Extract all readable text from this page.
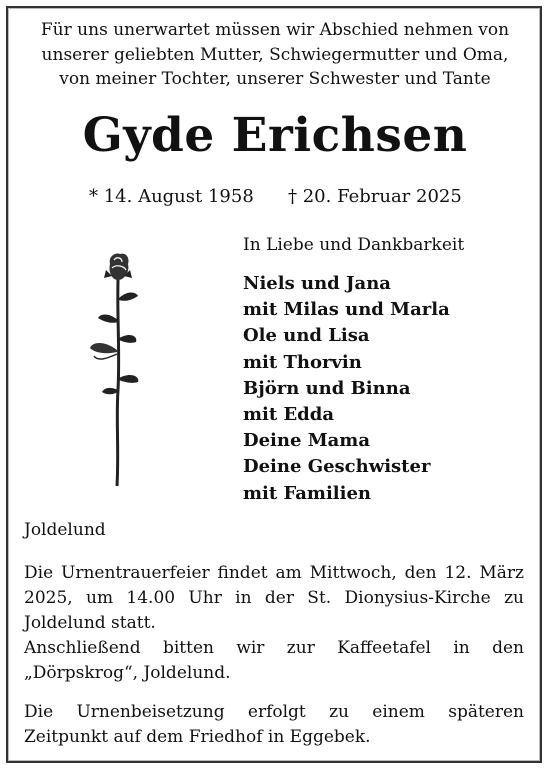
Für uns unerwartet müssen wir Abschied nehmen von
unserer geliebten Mutter, Schwiegermutter und Oma,
von meiner Tochter, unserer Schwester und Tante
Gyde Erichsen
* 14. August 1958 † 20. Februar 2025
In Liebe und Dankbarkeit
Niels und Jana
mit Milas und Marla
Ole und Lisa
mit Thorvin
Björn und Binna
mit Edda
Deine Mama
Deine Geschwister
mit Familien
Joldelund
Die Urnentrauerfeier findet am Mittwoch, den 12. März
2025, um 14.00 Uhr in der St. Dionysius-Kirche zu
Joldelund statt.
Anschließend bitten wir zur Kaffeetafel in den
„Dörpskrog“, Joldelund.
Die Urnenbeisetzung erfolgt zu einem späteren
Zeitpunkt auf dem Friedhof in Eggebek.
